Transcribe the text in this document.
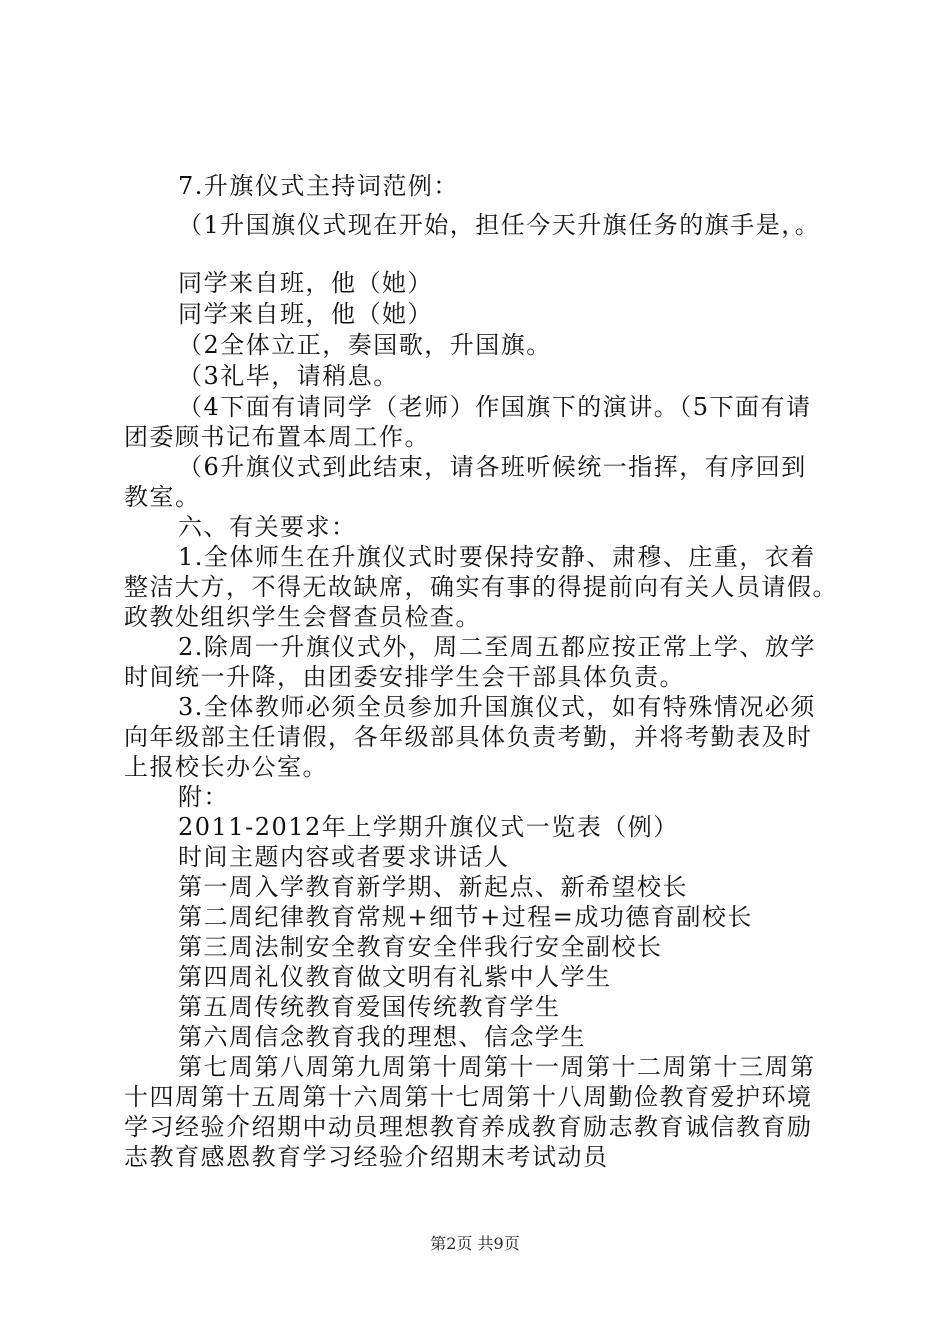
7.升旗仪式主持词范例：
（1升国旗仪式现在开始，担任今天升旗任务的旗手是，。
同学来自班，他（她）
同学来自班，他（她）
（2全体立正，奏国歌，升国旗。
（3礼毕，请稍息。
（4下面有请同学（老师）作国旗下的演讲。（5下面有请
团委顾书记布置本周工作。
（6升旗仪式到此结束，请各班听候统一指挥，有序回到
教室。
六、有关要求：
1.全体师生在升旗仪式时要保持安静、肃穆、庄重，衣着
整洁大方，不得无故缺席，确实有事的得提前向有关人员请假。
政教处组织学生会督查员检查。
2.除周一升旗仪式外，周二至周五都应按正常上学、放学
时间统一升降，由团委安排学生会干部具体负责。
3.全体教师必须全员参加升国旗仪式，如有特殊情况必须
向年级部主任请假，各年级部具体负责考勤，并将考勤表及时
上报校长办公室。
附：
2011-2012年上学期升旗仪式一览表（例）
时间主题内容或者要求讲话人
第一周入学教育新学期、新起点、新希望校长
第二周纪律教育常规+细节+过程=成功德育副校长
第三周法制安全教育安全伴我行安全副校长
第四周礼仪教育做文明有礼紫中人学生
第五周传统教育爱国传统教育学生
第六周信念教育我的理想、信念学生
第七周第八周第九周第十周第十一周第十二周第十三周第
十四周第十五周第十六周第十七周第十八周勤俭教育爱护环境
学习经验介绍期中动员理想教育养成教育励志教育诚信教育励
志教育感恩教育学习经验介绍期末考试动员
第2页 共9页
